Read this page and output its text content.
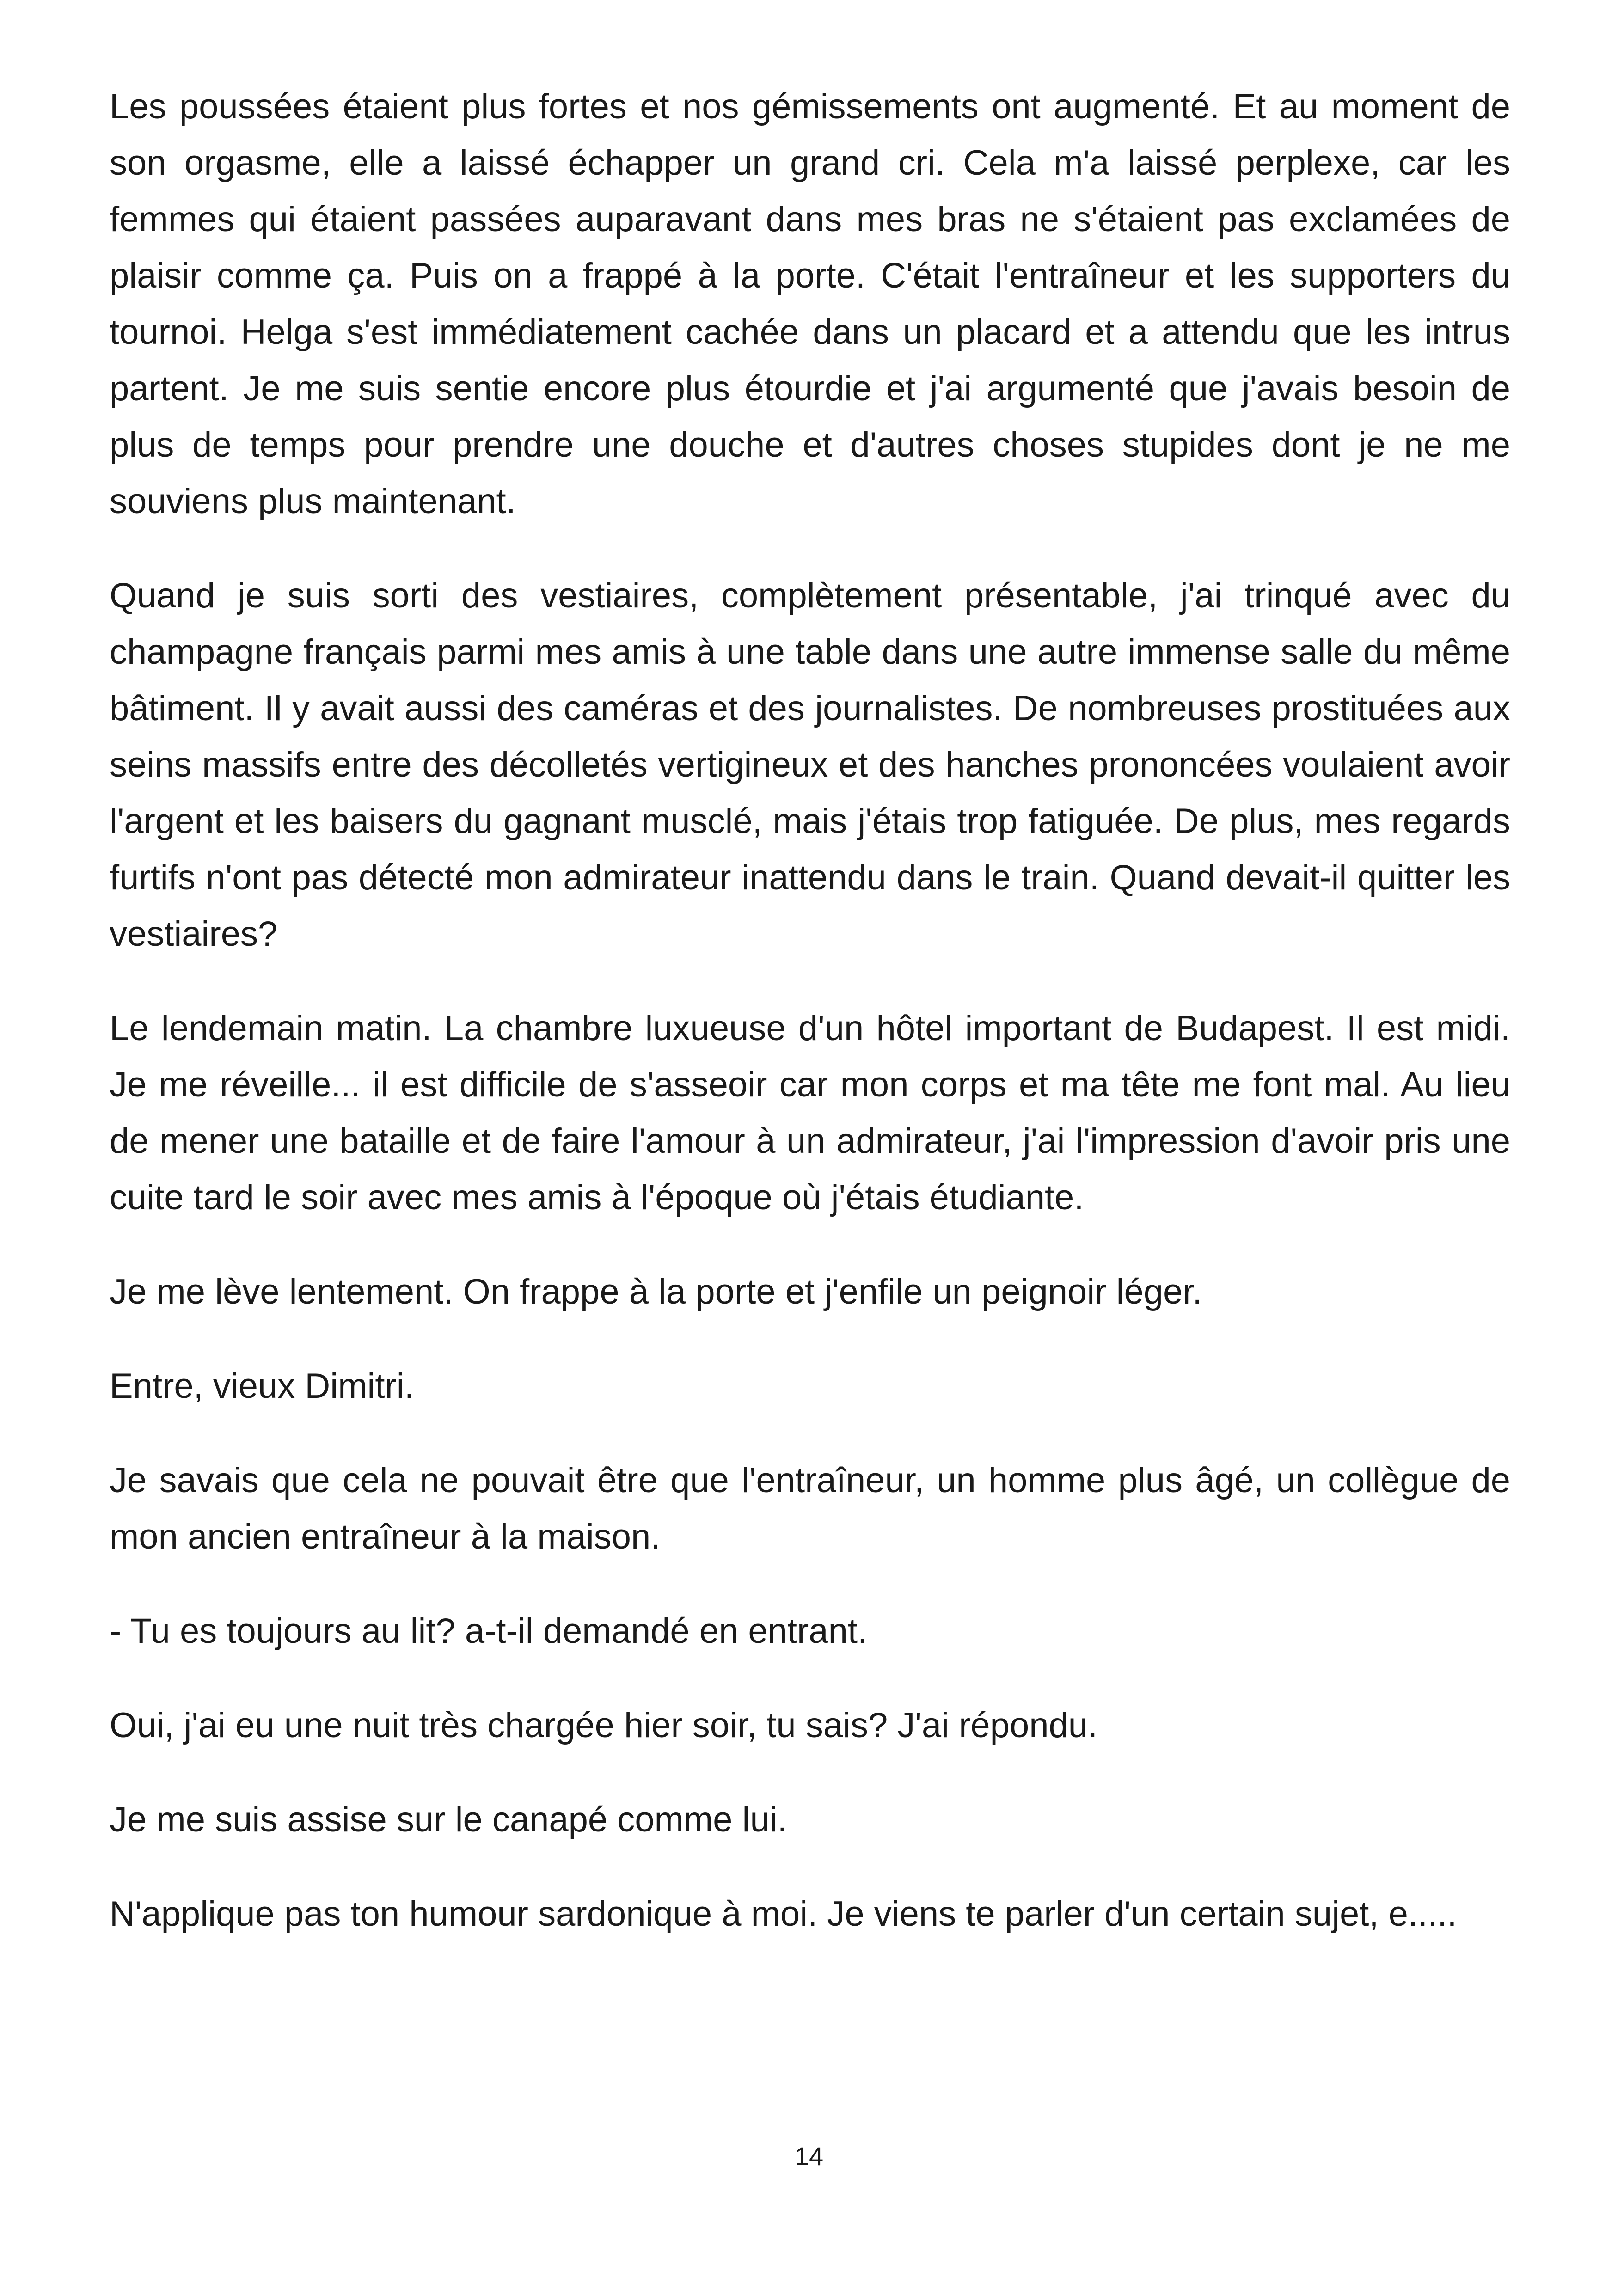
Les poussées étaient plus fortes et nos gémissements ont augmenté. Et au moment de son orgasme, elle a laissé échapper un grand cri. Cela m'a laissé perplexe, car les femmes qui étaient passées auparavant dans mes bras ne s'étaient pas exclamées de plaisir comme ça. Puis on a frappé à la porte. C'était l'entraîneur et les supporters du tournoi. Helga s'est immédiatement cachée dans un placard et a attendu que les intrus partent. Je me suis sentie encore plus étourdie et j'ai argumenté que j'avais besoin de plus de temps pour prendre une douche et d'autres choses stupides dont je ne me souviens plus maintenant.

Quand je suis sorti des vestiaires, complètement présentable, j'ai trinqué avec du champagne français parmi mes amis à une table dans une autre immense salle du même bâtiment. Il y avait aussi des caméras et des journalistes. De nombreuses prostituées aux seins massifs entre des décolletés vertigineux et des hanches prononcées voulaient avoir l'argent et les baisers du gagnant musclé, mais j'étais trop fatiguée. De plus, mes regards furtifs n'ont pas détecté mon admirateur inattendu dans le train. Quand devait-il quitter les vestiaires?

Le lendemain matin. La chambre luxueuse d'un hôtel important de Budapest. Il est midi. Je me réveille... il est difficile de s'asseoir car mon corps et ma tête me font mal. Au lieu de mener une bataille et de faire l'amour à un admirateur, j'ai l'impression d'avoir pris une cuite tard le soir avec mes amis à l'époque où j'étais étudiante.

Je me lève lentement. On frappe à la porte et j'enfile un peignoir léger.

Entre, vieux Dimitri.

Je savais que cela ne pouvait être que l'entraîneur, un homme plus âgé, un collègue de mon ancien entraîneur à la maison.

- Tu es toujours au lit? a-t-il demandé en entrant.

Oui, j'ai eu une nuit très chargée hier soir, tu sais? J'ai répondu.

Je me suis assise sur le canapé comme lui.

N'applique pas ton humour sardonique à moi. Je viens te parler d'un certain sujet, e.....

14
